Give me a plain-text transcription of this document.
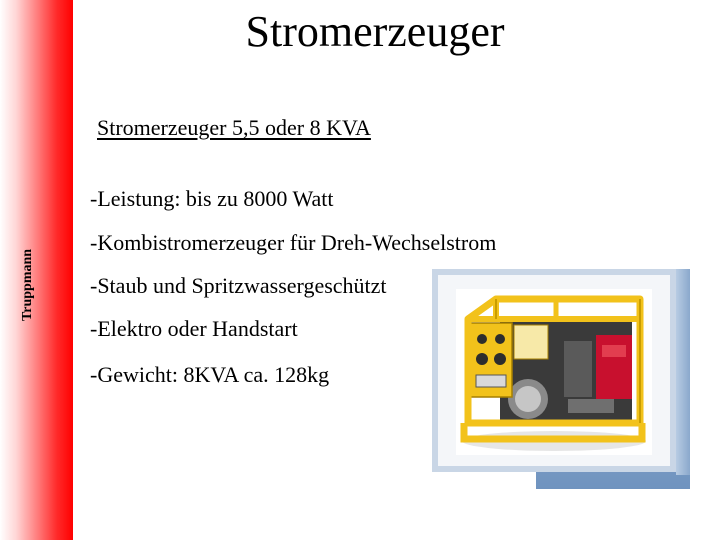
Truppmann
Stromerzeuger
Stromerzeuger 5,5 oder 8 KVA
-Leistung: bis zu 8000 Watt
-Kombistromerzeuger für Dreh-Wechselstrom
-Staub und Spritzwassergeschützt
-Elektro oder Handstart
-Gewicht: 8KVA ca. 128kg
